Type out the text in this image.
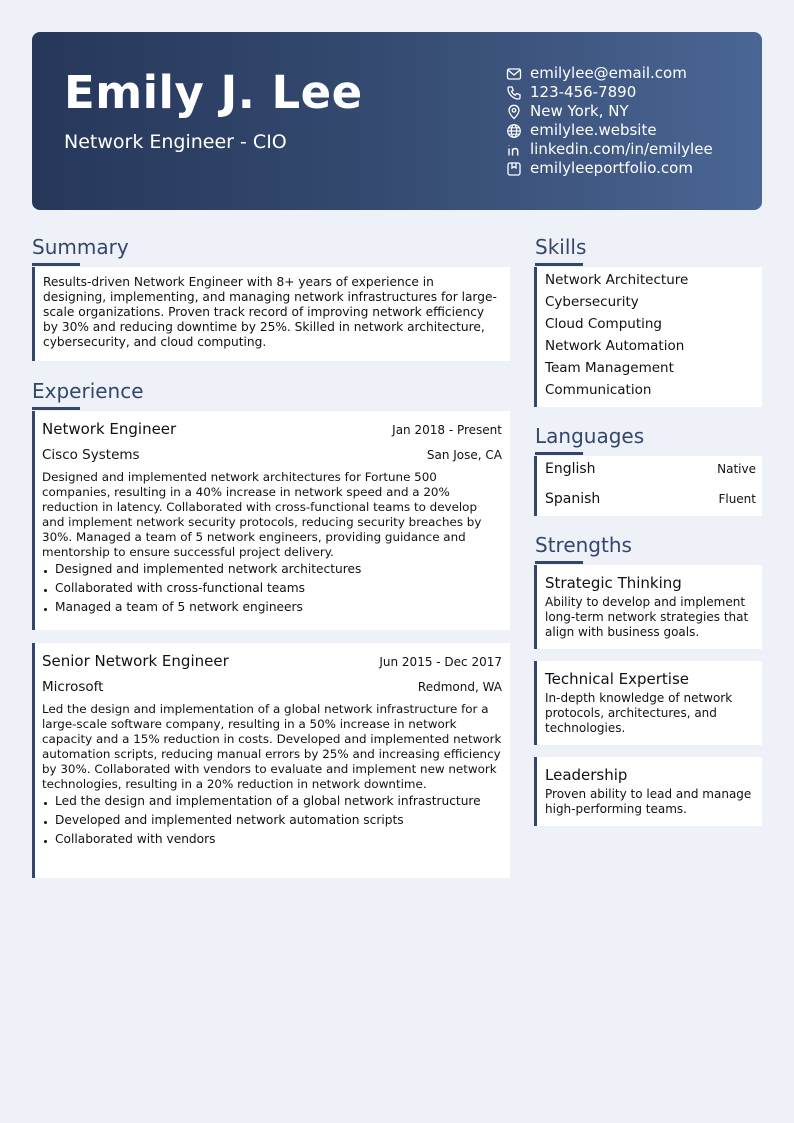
Emily J. Lee
Network Engineer - CIO
emilylee@email.com
123-456-7890
New York, NY
emilylee.website
linkedin.com/in/emilylee
emilyleeportfolio.com
Summary
Results-driven Network Engineer with 8+ years of experience in designing, implementing, and managing network infrastructures for large-scale organizations. Proven track record of improving network efficiency by 30% and reducing downtime by 25%. Skilled in network architecture, cybersecurity, and cloud computing.
Experience
Network Engineer	Jan 2018 - Present
Cisco Systems	San Jose, CA
Designed and implemented network architectures for Fortune 500 companies, resulting in a 40% increase in network speed and a 20% reduction in latency. Collaborated with cross-functional teams to develop and implement network security protocols, reducing security breaches by 30%. Managed a team of 5 network engineers, providing guidance and mentorship to ensure successful project delivery.
Designed and implemented network architectures
Collaborated with cross-functional teams
Managed a team of 5 network engineers
Senior Network Engineer	Jun 2015 - Dec 2017
Microsoft	Redmond, WA
Led the design and implementation of a global network infrastructure for a large-scale software company, resulting in a 50% increase in network capacity and a 15% reduction in costs. Developed and implemented network automation scripts, reducing manual errors by 25% and increasing efficiency by 30%. Collaborated with vendors to evaluate and implement new network technologies, resulting in a 20% reduction in network downtime.
Led the design and implementation of a global network infrastructure
Developed and implemented network automation scripts
Collaborated with vendors
Skills
Network Architecture
Cybersecurity
Cloud Computing
Network Automation
Team Management
Communication
Languages
English	Native
Spanish	Fluent
Strengths
Strategic Thinking
Ability to develop and implement long-term network strategies that align with business goals.
Technical Expertise
In-depth knowledge of network protocols, architectures, and technologies.
Leadership
Proven ability to lead and manage high-performing teams.
